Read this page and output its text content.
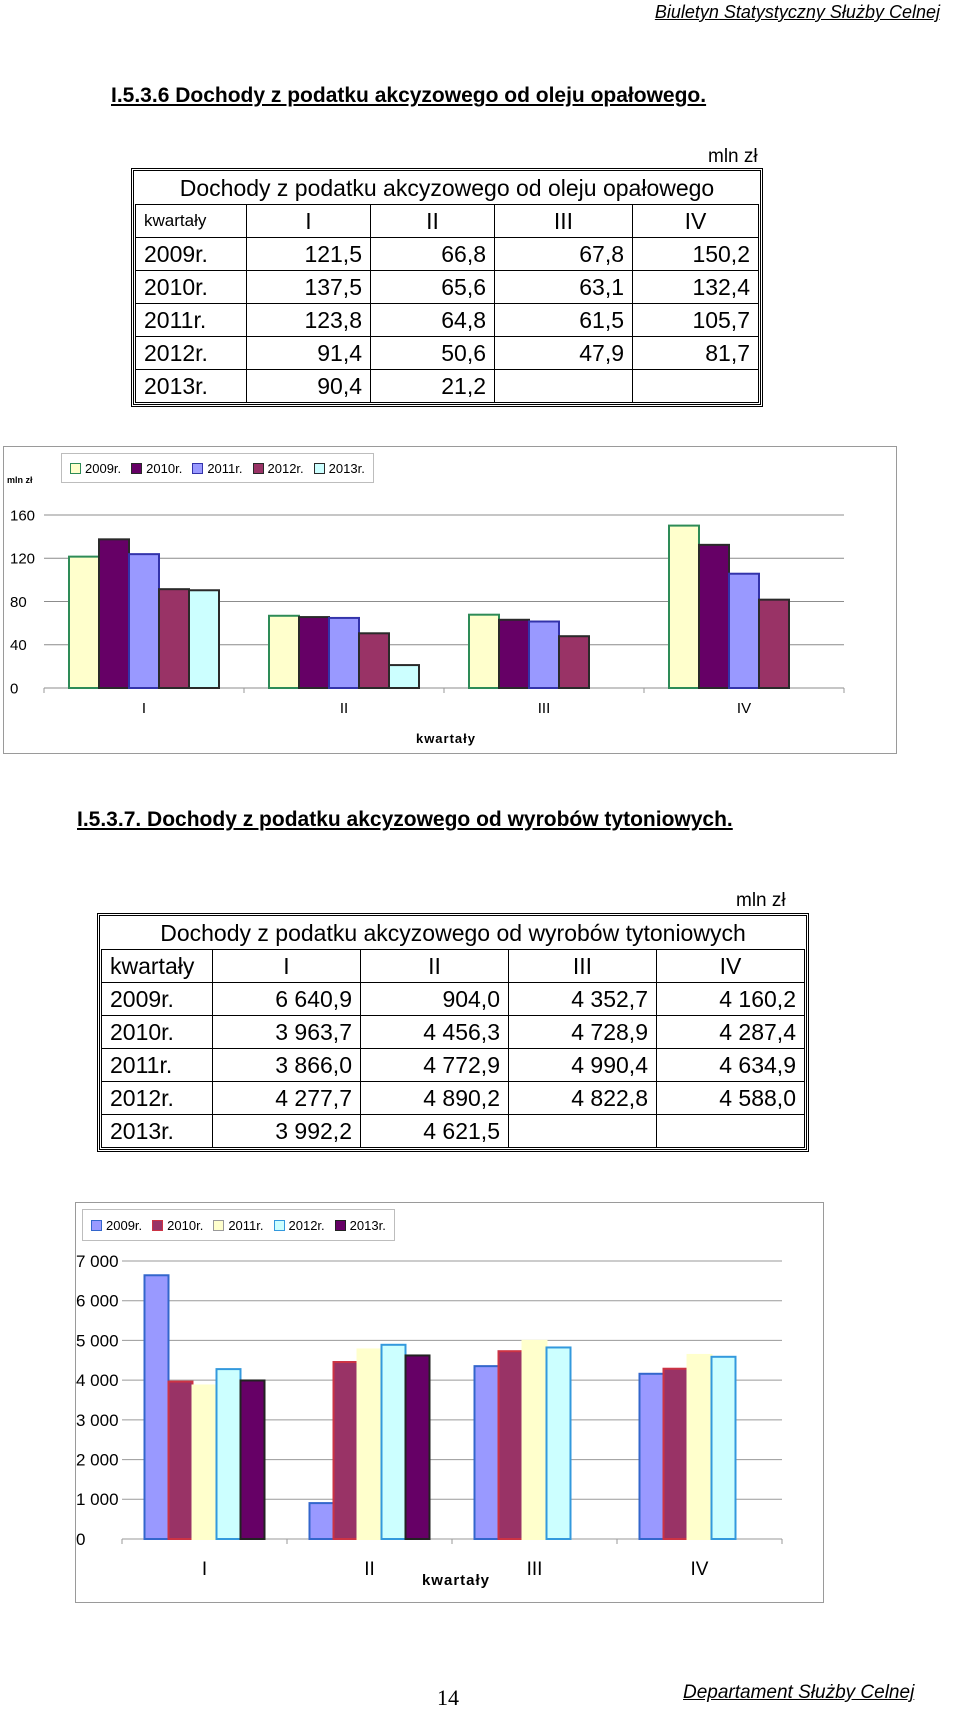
Biuletyn Statystyczny Służby Celnej
I.5.3.6 Dochody z podatku akcyzowego od oleju opałowego.
mln zł
Dochody z podatku akcyzowego od oleju opałowego				
kwartały	I	II	III	IV
2009r.	121,5	66,8	67,8	150,2
2010r.	137,5	65,6	63,1	132,4
2011r.	123,8	64,8	61,5	105,7
2012r.	91,4	50,6	47,9	81,7
2013r.	90,4	21,2		
0
40
80
120
160
I	II	III	IV
kwartały
mln zł
2009r. 2010r. 2011r. 2012r. 2013r.
I.5.3.7. Dochody z podatku akcyzowego od wyrobów tytoniowych.
mln zł
Dochody z podatku akcyzowego od wyrobów tytoniowych				
kwartały	I	II	III	IV
2009r.	6 640,9	904,0	4 352,7	4 160,2
2010r.	3 963,7	4 456,3	4 728,9	4 287,4
2011r.	3 866,0	4 772,9	4 990,4	4 634,9
2012r.	4 277,7	4 890,2	4 822,8	4 588,0
2013r.	3 992,2	4 621,5		
0
1 000
2 000
3 000
4 000
5 000
6 000
7 000
I	II	III	IV
kwartały
2009r. 2010r. 2011r. 2012r. 2013r.
14	Departament Służby Celnej
